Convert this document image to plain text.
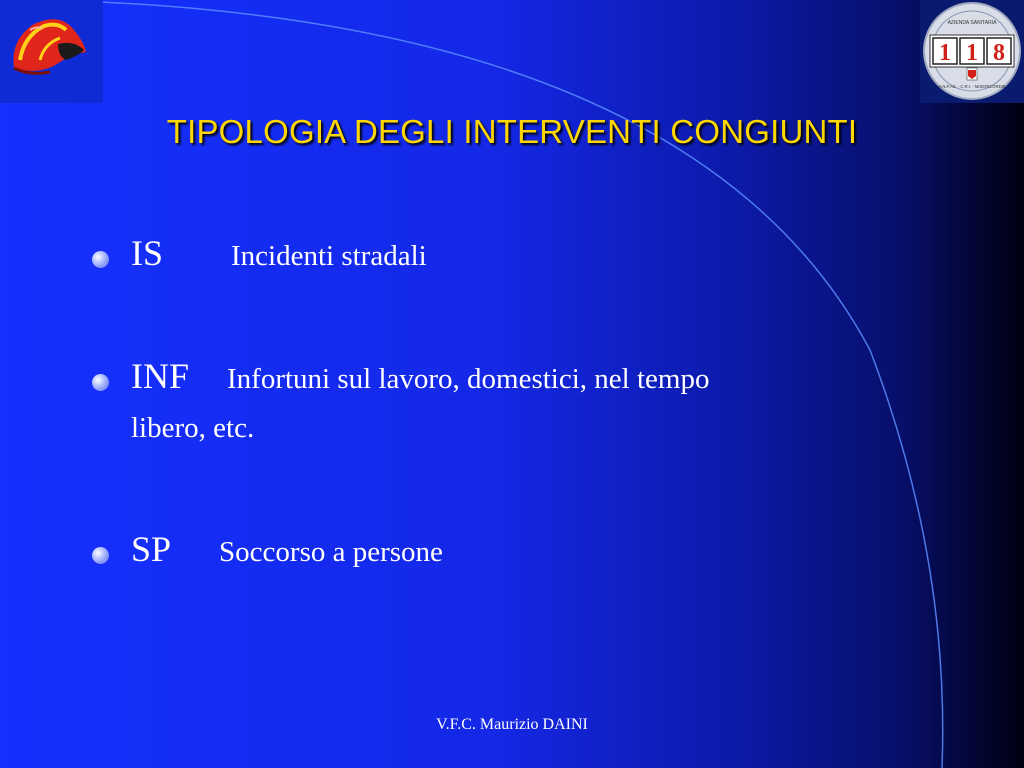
1 1 8
AZIENDA SANITARIA
A.N.P.AS. - C.R.I. - MISERICORDIE
TIPOLOGIA DEGLI INTERVENTI CONGIUNTI
IS Incidenti stradali
INF Infortuni sul lavoro, domestici, nel tempo
libero, etc.
SP Soccorso a persone
V.F.C. Maurizio DAINI
